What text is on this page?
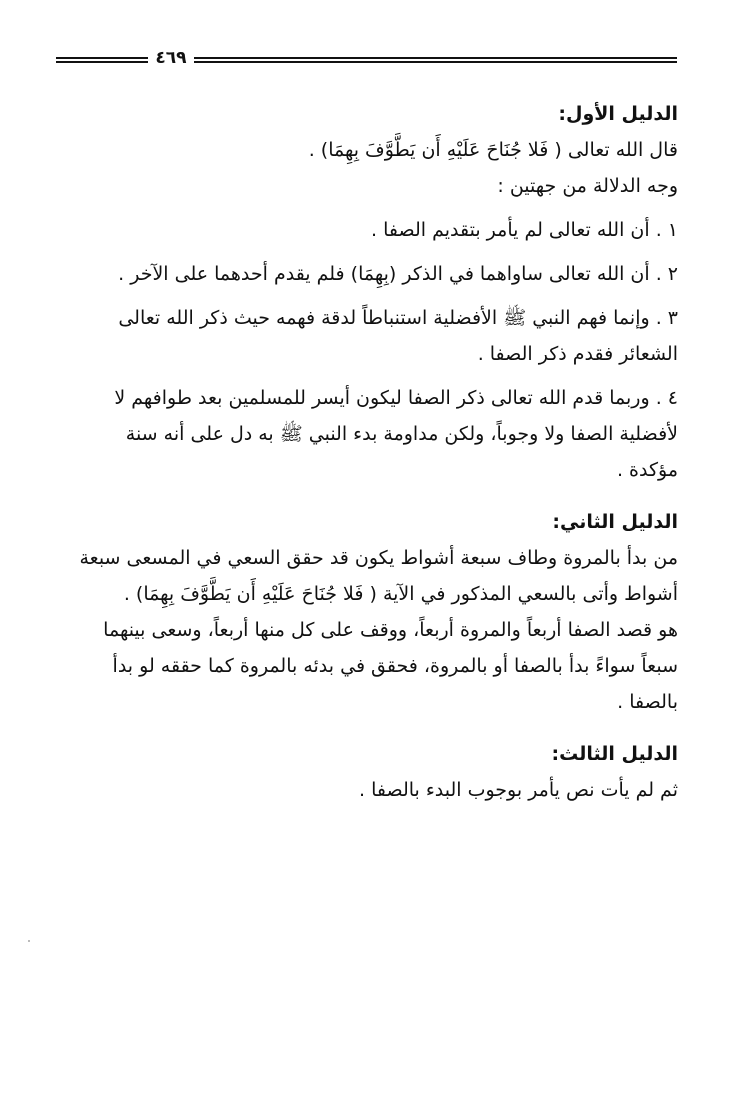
٤٦٩
الدليل الأول:
قال الله تعالى ( فَلا جُنَاحَ عَلَيْهِ أَن يَطَّوَّفَ بِهِمَا) .
وجه الدلالة من جهتين :
١ . أن الله تعالى لم يأمر بتقديم الصفا .
٢ . أن الله تعالى ساواهما في الذكر (بِهِمَا) فلم يقدم أحدهما على الآخر .
٣ . وإنما فهم النبي ﷺ الأفضلية استنباطاً لدقة فهمه حيث ذكر الله تعالى
الشعائر فقدم ذكر الصفا .
٤ . وربما قدم الله تعالى ذكر الصفا ليكون أيسر للمسلمين بعد طوافهم لا
لأفضلية الصفا ولا وجوباً، ولكن مداومة بدء النبي ﷺ به دل على أنه سنة
مؤكدة .
الدليل الثاني:
من بدأ بالمروة وطاف سبعة أشواط يكون قد حقق السعي في المسعى سبعة
أشواط وأتى بالسعي المذكور في الآية ( فَلا جُنَاحَ عَلَيْهِ أَن يَطَّوَّفَ بِهِمَا) .
هو قصد الصفا أربعاً والمروة أربعاً، ووقف على كل منها أربعاً، وسعى بينهما
سبعاً سواءً بدأ بالصفا أو بالمروة، فحقق في بدئه بالمروة كما حققه لو بدأ
بالصفا .
الدليل الثالث:
ثم لم يأت نص يأمر بوجوب البدء بالصفا .
